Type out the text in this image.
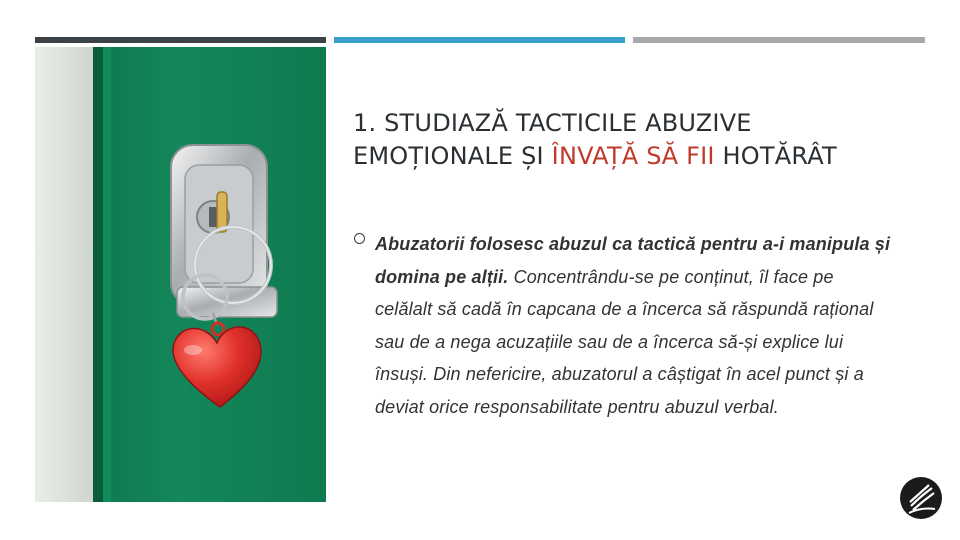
1. STUDIAZĂ TACTICILE ABUZIVE EMOȚIONALE ȘI ÎNVAȚĂ SĂ FII HOTĂRÂT

Abuzatorii folosesc abuzul ca tactică pentru a-i manipula și domina pe alții. Concentrându-se pe conținut, îl face pe celălalt să cadă în capcana de a încerca să răspundă rațional sau de a nega acuzațiile sau de a încerca să-și explice lui însuși. Din nefericire, abuzatorul a câștigat în acel punct și a deviat orice responsabilitate pentru abuzul verbal.
